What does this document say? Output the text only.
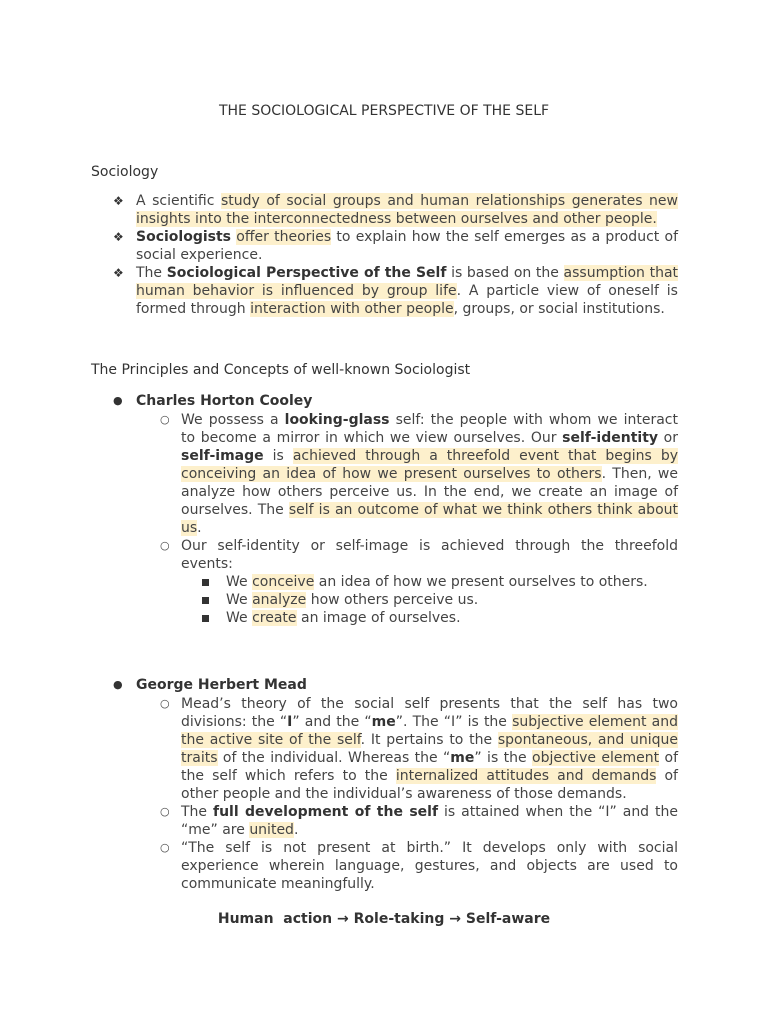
THE SOCIOLOGICAL PERSPECTIVE OF THE SELF
Sociology
❖ A scientific study of social groups and human relationships generates new insights into the interconnectedness between ourselves and other people.
❖ Sociologists offer theories to explain how the self emerges as a product of social experience.
❖ The Sociological Perspective of the Self is based on the assumption that human behavior is influenced by group life. A particle view of oneself is formed through interaction with other people, groups, or social institutions.
The Principles and Concepts of well-known Sociologist
● Charles Horton Cooley
○ We possess a looking-glass self: the people with whom we interact to become a mirror in which we view ourselves. Our self-identity or self-image is achieved through a threefold event that begins by conceiving an idea of how we present ourselves to others. Then, we analyze how others perceive us. In the end, we create an image of ourselves. The self is an outcome of what we think others think about us.
○ Our self-identity or self-image is achieved through the threefold events:
We conceive an idea of how we present ourselves to others.
We analyze how others perceive us.
We create an image of ourselves.
● George Herbert Mead
○ Mead’s theory of the social self presents that the self has two divisions: the “I” and the “me”. The “I” is the subjective element and the active site of the self. It pertains to the spontaneous, and unique traits of the individual. Whereas the “me” is the objective element of the self which refers to the internalized attitudes and demands of other people and the individual’s awareness of those demands.
○ The full development of the self is attained when the “I” and the “me” are united.
○ “The self is not present at birth.” It develops only with social experience wherein language, gestures, and objects are used to communicate meaningfully.
Human  action → Role-taking → Self-aware
